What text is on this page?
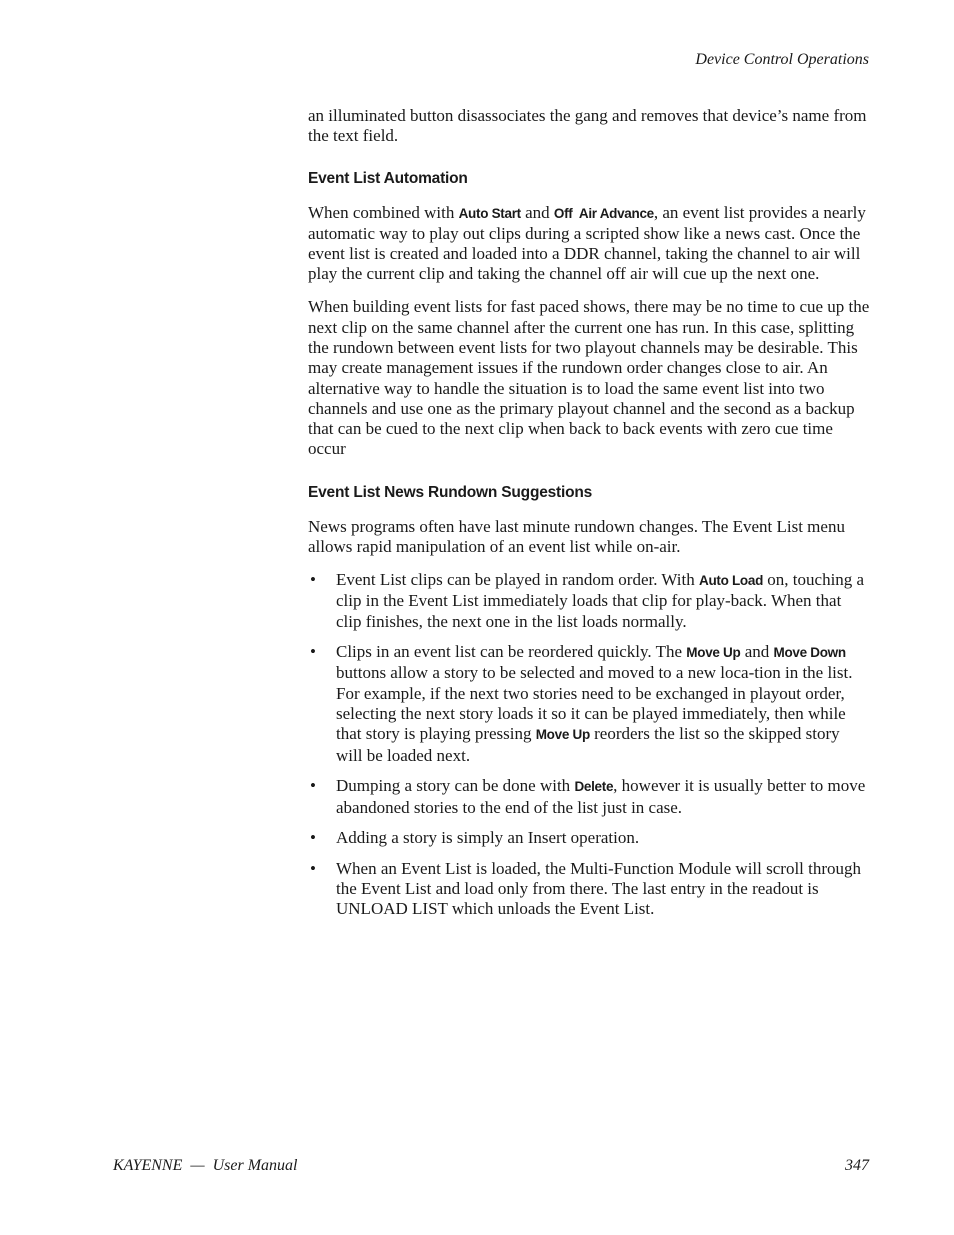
Device Control Operations

an illuminated button disassociates the gang and removes that device’s name from the text field.

Event List Automation

When combined with Auto Start and Off  Air Advance, an event list provides a nearly automatic way to play out clips during a scripted show like a news cast. Once the event list is created and loaded into a DDR channel, taking the channel to air will play the current clip and taking the channel off air will cue up the next one.

When building event lists for fast paced shows, there may be no time to cue up the next clip on the same channel after the current one has run. In this case, splitting the rundown between event lists for two playout channels may be desirable. This may create management issues if the rundown order changes close to air. An alternative way to handle the situation is to load the same event list into two channels and use one as the primary playout channel and the second as a backup that can be cued to the next clip when back to back events with zero cue time occur

Event List News Rundown Suggestions

News programs often have last minute rundown changes. The Event List menu allows rapid manipulation of an event list while on-air.

• Event List clips can be played in random order. With Auto Load on, touching a clip in the Event List immediately loads that clip for play-back. When that clip finishes, the next one in the list loads normally.
• Clips in an event list can be reordered quickly. The Move Up and Move Down buttons allow a story to be selected and moved to a new loca-tion in the list. For example, if the next two stories need to be exchanged in playout order, selecting the next story loads it so it can be played immediately, then while that story is playing pressing Move Up reorders the list so the skipped story will be loaded next.
• Dumping a story can be done with Delete, however it is usually better to move abandoned stories to the end of the list just in case.
• Adding a story is simply an Insert operation.
• When an Event List is loaded, the Multi-Function Module will scroll through the Event List and load only from there. The last entry in the readout is UNLOAD LIST which unloads the Event List.
KAYENNE  —  User Manual	347
